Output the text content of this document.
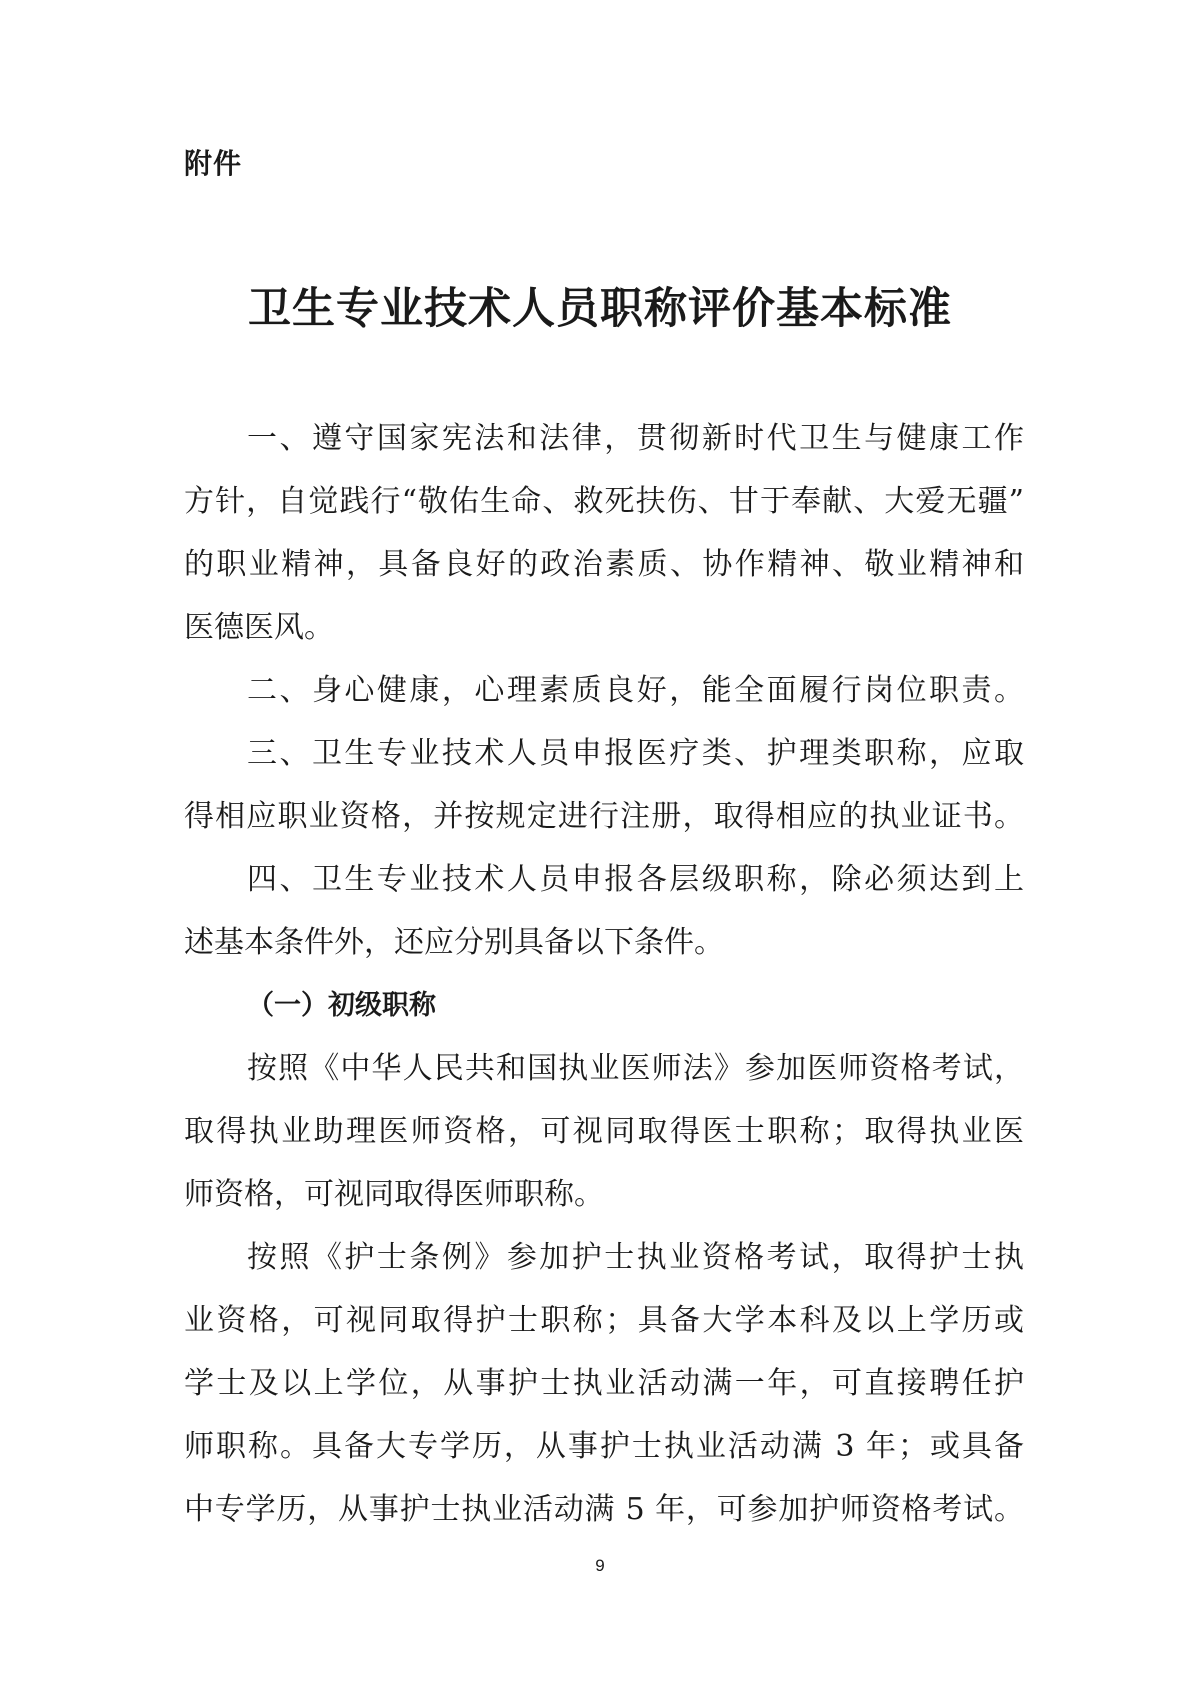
附件
卫生专业技术人员职称评价基本标准
一、遵守国家宪法和法律，贯彻新时代卫生与健康工作
方针，自觉践行“敬佑生命、救死扶伤、甘于奉献、大爱无疆”
的职业精神，具备良好的政治素质、协作精神、敬业精神和
医德医风。
二、身心健康，心理素质良好，能全面履行岗位职责。
三、卫生专业技术人员申报医疗类、护理类职称，应取
得相应职业资格，并按规定进行注册，取得相应的执业证书。
四、卫生专业技术人员申报各层级职称，除必须达到上
述基本条件外，还应分别具备以下条件。
（一）初级职称
按照《中华人民共和国执业医师法》参加医师资格考试，
取得执业助理医师资格，可视同取得医士职称；取得执业医
师资格，可视同取得医师职称。
按照《护士条例》参加护士执业资格考试，取得护士执
业资格，可视同取得护士职称；具备大学本科及以上学历或
学士及以上学位，从事护士执业活动满一年，可直接聘任护
师职称。具备大专学历，从事护士执业活动满 3 年；或具备
中专学历，从事护士执业活动满 5 年，可参加护师资格考试。
9
